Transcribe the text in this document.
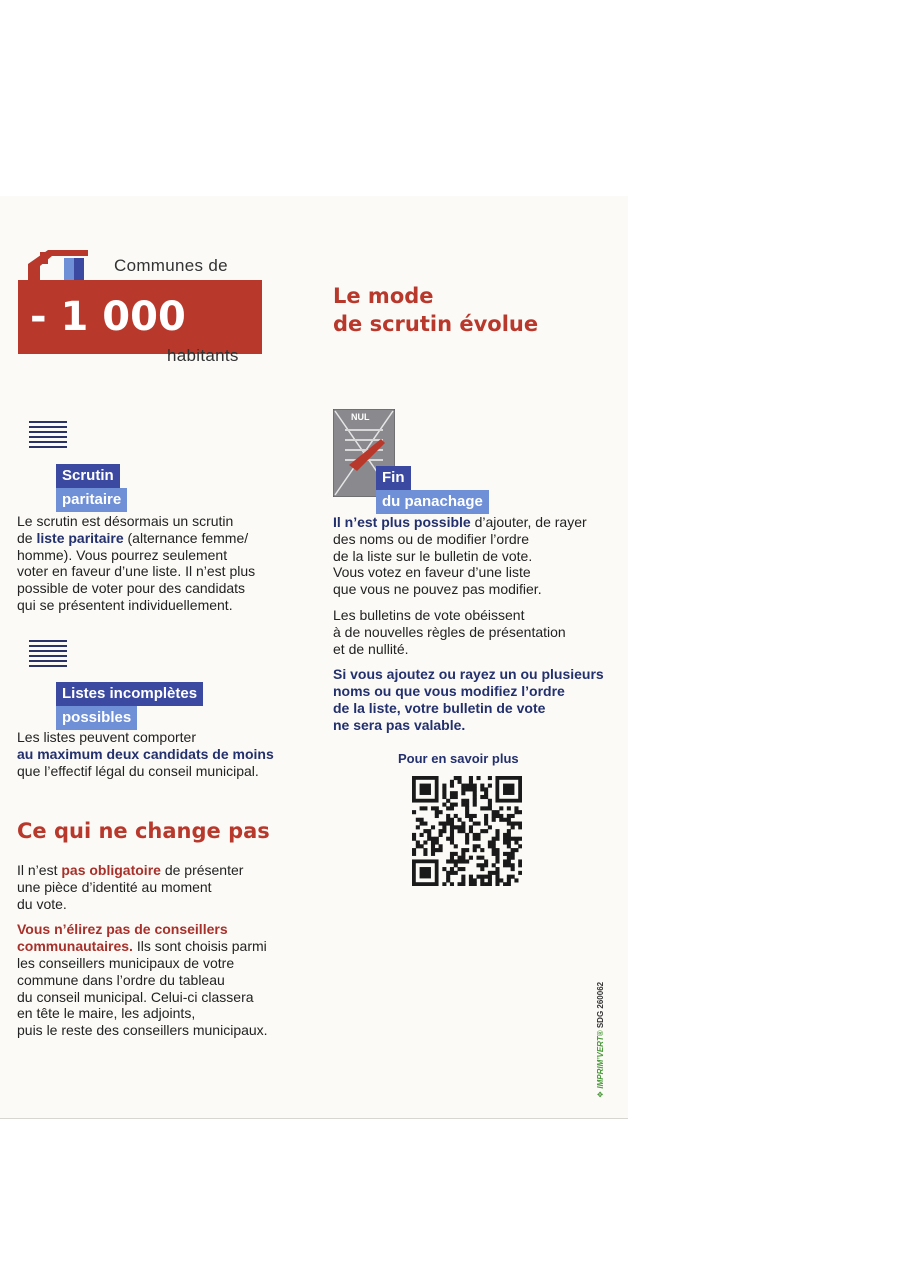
Communes de
- 1 000
habitants
Le mode
de scrutin évolue
Scrutin
paritaire
Le scrutin est désormais un scrutin
de liste paritaire (alternance femme/
homme). Vous pourrez seulement
voter en faveur d’une liste. Il n’est plus
possible de voter pour des candidats
qui se présentent individuellement.
Listes incomplètes
possibles
Les listes peuvent comporter
au maximum deux candidats de moins
que l’effectif légal du conseil municipal.
Ce qui ne change pas

Il n’est pas obligatoire de présenter
une pièce d’identité au moment
du vote.

Vous n’élirez pas de conseillers
communautaires. Ils sont choisis parmi
les conseillers municipaux de votre
commune dans l’ordre du tableau
du conseil municipal. Celui-ci classera
en tête le maire, les adjoints,
puis le reste des conseillers municipaux.

NUL
Fin
du panachage

Il n’est plus possible d’ajouter, de rayer
des noms ou de modifier l’ordre
de la liste sur le bulletin de vote.
Vous votez en faveur d’une liste
que vous ne pouvez pas modifier.

Les bulletins de vote obéissent
à de nouvelles règles de présentation
et de nullité.

Si vous ajoutez ou rayez un ou plusieurs
noms ou que vous modifiez l’ordre
de la liste, votre bulletin de vote
ne sera pas valable.

Pour en savoir plus
❖ IMPRIM’VERT® SDG 260062
